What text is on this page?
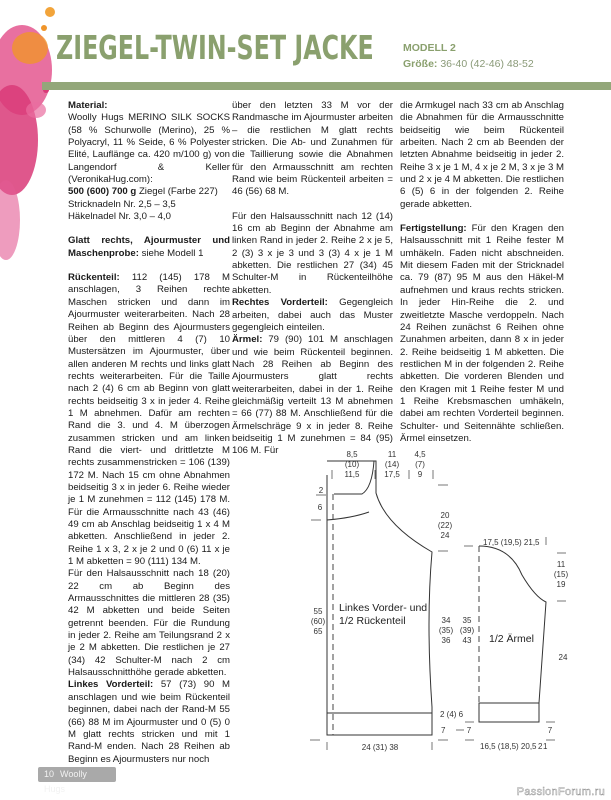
ZIEGEL-TWIN-SET JACKE	MODELL 2
Größe: 36-40 (42-46) 48-52

Material:
Woolly Hugs MERINO SILK SOCKS (58 % Schurwolle (Merino), 25 % Polyacryl, 11 % Seide, 6 % Polyester Elité, Lauflänge ca. 420 m/100 g) von Langendorf & Keller (VeronikaHug.com):
500 (600) 700 g Ziegel (Farbe 227)
Stricknadeln Nr. 2,5 – 3,5
Häkelnadel Nr. 3,0 – 4,0

Glatt rechts, Ajourmuster und Maschenprobe: siehe Modell 1

Rückenteil: 112 (145) 178 M anschlagen, 3 Reihen rechte Maschen stricken und dann im Ajourmuster weiterarbeiten. Nach 28 Reihen ab Beginn des Ajourmusters über den mittleren 4 (7) 10 Mustersätzen im Ajourmuster, über allen anderen M rechts und links glatt rechts weiterarbeiten. Für die Taille nach 2 (4) 6 cm ab Beginn von glatt rechts beidseitig 3 x in jeder 4. Reihe 1 M abnehmen. Dafür am rechten Rand die 3. und 4. M überzogen zusammen stricken und am linken Rand die viert- und drittletzte M rechts zusammenstricken = 106 (139) 172 M. Nach 15 cm ohne Abnahmen beidseitig 3 x in jeder 6. Reihe wieder je 1 M zunehmen = 112 (145) 178 M. Für die Armausschnitte nach 43 (46) 49 cm ab Anschlag beidseitig 1 x 4 M abketten. Anschließend in jeder 2. Reihe 1 x 3, 2 x je 2 und 0 (6) 11 x je 1 M abketten = 90 (111) 134 M.

Für den Halsausschnitt nach 18 (20) 22 cm ab Beginn des Armausschnittes die mittleren 28 (35) 42 M abketten und beide Seiten getrennt beenden. Für die Rundung in jeder 2. Reihe am Teilungsrand 2 x je 2 M abketten. Die restlichen je 27 (34) 42 Schulter-M nach 2 cm Halsausschnitthöhe gerade abketten.

Linkes Vorderteil: 57 (73) 90 M anschlagen und wie beim Rückenteil beginnen, dabei nach der Rand-M 55 (66) 88 M im Ajourmuster und 0 (5) 0 M glatt rechts stricken und mit 1 Rand-M enden. Nach 28 Reihen ab Beginn es Ajourmusters nur noch

über den letzten 33 M vor der Randmasche im Ajourmuster arbeiten – die restlichen M glatt rechts stricken. Die Ab- und Zunahmen für die Taillierung sowie die Abnahmen für den Armausschnitt am rechten Rand wie beim Rückenteil arbeiten = 46 (56) 68 M.

Für den Halsausschnitt nach 12 (14) 16 cm ab Beginn der Abnahme am linken Rand in jeder 2. Reihe 2 x je 5, 2 (3) 3 x je 3 und 3 (3) 4 x je 1 M abketten. Die restlichen 27 (34) 45 Schulter-M in Rückenteilhöhe abketten.

Rechtes Vorderteil: Gegengleich arbeiten, dabei auch das Muster gegengleich einteilen.

Ärmel: 79 (90) 101 M anschlagen und wie beim Rückenteil beginnen. Nach 28 Reihen ab Beginn des Ajourmusters glatt rechts weiterarbeiten, dabei in der 1. Reihe gleichmäßig verteilt 13 M abnehmen = 66 (77) 88 M. Anschließend für die Ärmelschräge 9 x in jeder 8. Reihe beidseitig 1 M zunehmen = 84 (95) 106 M. Für

die Armkugel nach 33 cm ab Anschlag die Abnahmen für die Armausschnitte beidseitig wie beim Rückenteil arbeiten. Nach 2 cm ab Beenden der letzten Abnahme beidseitig in jeder 2. Reihe 3 x je 1 M, 4 x je 2 M, 3 x je 3 M und 2 x je 4 M abketten. Die restlichen 6 (5) 6 in der folgenden 2. Reihe gerade abketten.

Fertigstellung: Für den Kragen den Halsausschnitt mit 1 Reihe fester M umhäkeln. Faden nicht abschneiden. Mit diesem Faden mit der Stricknadel ca. 79 (87) 95 M aus den Häkel-M aufnehmen und kraus rechts stricken. In jeder Hin-Reihe die 2. und zweitletzte Masche verdoppeln. Nach 24 Reihen zunächst 6 Reihen ohne Zunahmen arbeiten, dann 8 x in jeder 2. Reihe beidseitig 1 M abketten. Die restlichen M in der folgenden 2. Reihe abketten. Die vorderen Blenden und den Kragen mit 1 Reihe fester M und 1 Reihe Krebsmaschen umhäkeln, dabei am rechten Vorderteil beginnen. Schulter- und Seitennähte schließen. Ärmel einsetzen.

8,5
(10)
11,5
11
(14)
17,5
4,5
(7)
9
2
6
20
(22)
24
55
(60)
65
34
(35)
36
2 (4) 6
7
24 (31) 38
17,5 (19,5) 21,5
11
(15)
19
35
(39)
43
24
7	7
16,5 (18,5) 20,5 2 1
Linkes Vorder- und
1/2 Rückenteil
1/2 Ärmel
10 Woolly Hugs	PassionForum.ru
